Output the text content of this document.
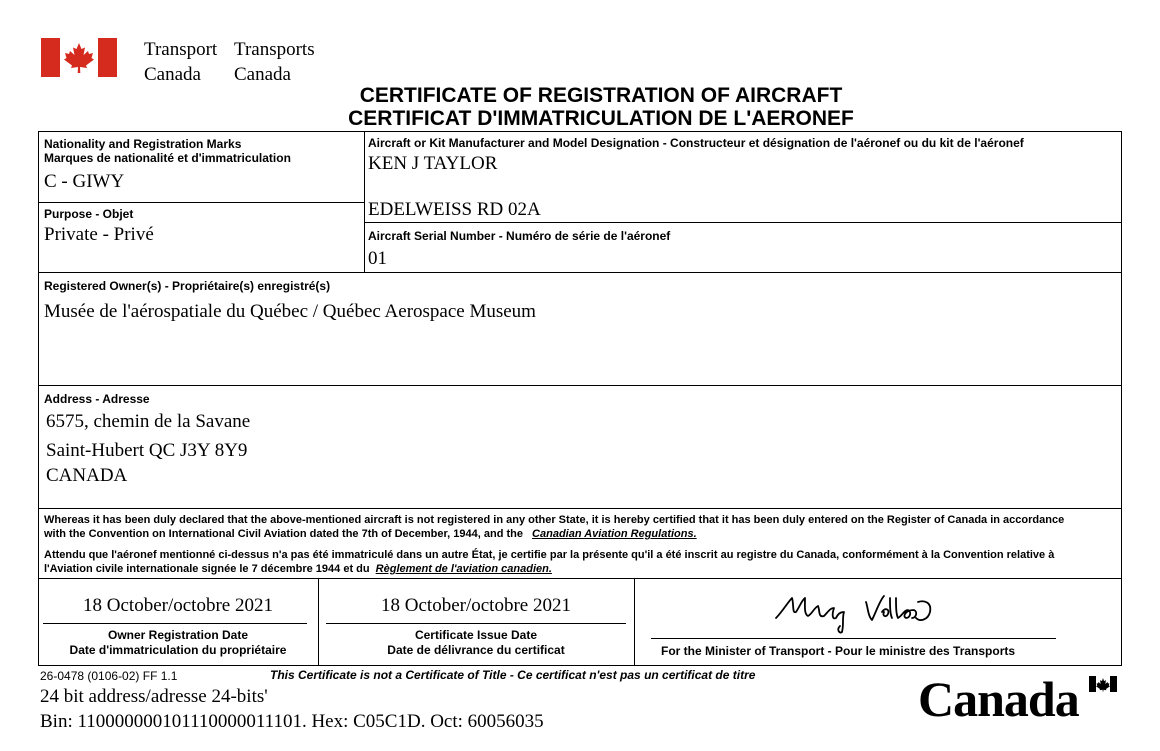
Transport
Canada
Transports
Canada
CERTIFICATE OF REGISTRATION OF AIRCRAFT
CERTIFICAT D'IMMATRICULATION DE L'AERONEF
Nationality and Registration Marks
Marques de nationalité et d'immatriculation
C - GIWY
Purpose - Objet
Private - Privé
Aircraft or Kit Manufacturer and Model Designation - Constructeur et désignation de l'aéronef ou du kit de l'aéronef
KEN J TAYLOR
EDELWEISS RD 02A
Aircraft Serial Number - Numéro de série de l'aéronef
01
Registered Owner(s) - Propriétaire(s) enregistré(s)
Musée de l'aérospatiale du Québec / Québec Aerospace Museum
Address - Adresse
6575, chemin de la Savane
Saint-Hubert QC J3Y 8Y9
CANADA
Whereas it has been duly declared that the above-mentioned aircraft is not registered in any other State, it is hereby certified that it has been duly entered on the Register of Canada in accordance
with the Convention on International Civil Aviation dated the 7th of December, 1944, and the Canadian Aviation Regulations.
Attendu que l'aéronef mentionné ci-dessus n'a pas été immatriculé dans un autre État, je certifie par la présente qu'il a été inscrit au registre du Canada, conformément à la Convention relative à
l'Aviation civile internationale signée le 7 décembre 1944 et du Règlement de l'aviation canadien.
18 October/octobre 2021
Owner Registration Date
Date d'immatriculation du propriétaire
18 October/octobre 2021
Certificate Issue Date
Date de délivrance du certificat	For the Minister of Transport - Pour le ministre des Transports
26-0478 (0106-02) FF 1.1	This Certificate is not a Certificate of Title - Ce certificat n'est pas un certificat de titre
24 bit address/adresse 24-bits'
Bin: 110000000101110000011101. Hex: C05C1D. Oct: 60056035	Canada
